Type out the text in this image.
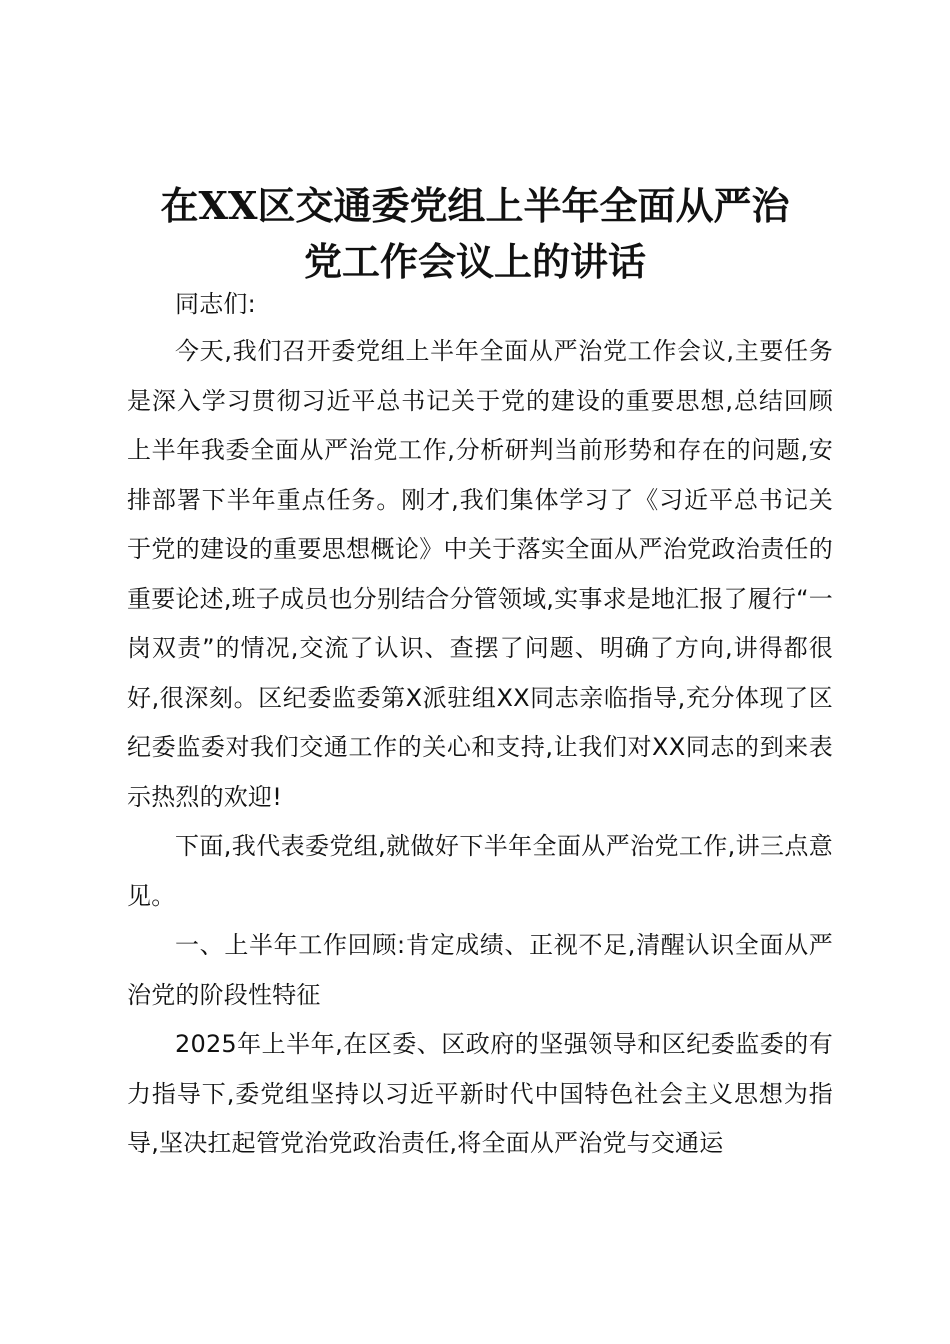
在XX区交通委党组上半年全面从严治
党工作会议上的讲话

同志们:

今天,我们召开委党组上半年全面从严治党工作会议,主要任务是深入学习贯彻习近平总书记关于党的建设的重要思想,总结回顾上半年我委全面从严治党工作,分析研判当前形势和存在的问题,安排部署下半年重点任务。刚才,我们集体学习了《习近平总书记关于党的建设的重要思想概论》中关于落实全面从严治党政治责任的重要论述,班子成员也分别结合分管领域,实事求是地汇报了履行“一岗双责”的情况,交流了认识、查摆了问题、明确了方向,讲得都很好,很深刻。区纪委监委第X派驻组XX同志亲临指导,充分体现了区纪委监委对我们交通工作的关心和支持,让我们对XX同志的到来表示热烈的欢迎!

下面,我代表委党组,就做好下半年全面从严治党工作,讲三点意见。

一、上半年工作回顾:肯定成绩、正视不足,清醒认识全面从严治党的阶段性特征

2025年上半年,在区委、区政府的坚强领导和区纪委监委的有力指导下,委党组坚持以习近平新时代中国特色社会主义思想为指导,坚决扛起管党治党政治责任,将全面从严治党与交通运
